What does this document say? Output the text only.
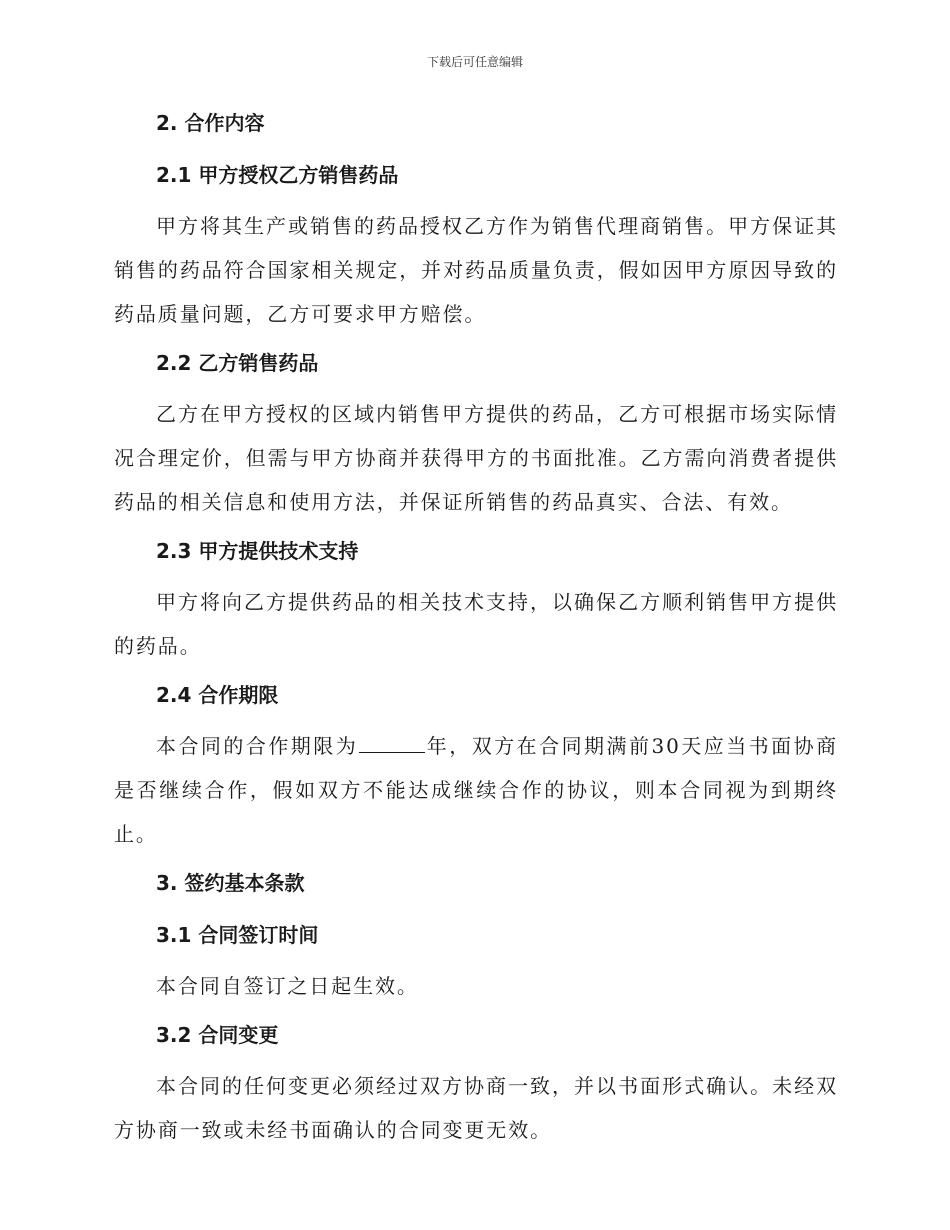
下载后可任意编辑
2. 合作内容
2.1 甲方授权乙方销售药品

甲方将其生产或销售的药品授权乙方作为销售代理商销售。甲方保证其销售的药品符合国家相关规定，并对药品质量负责，假如因甲方原因导致的药品质量问题，乙方可要求甲方赔偿。

2.2 乙方销售药品

乙方在甲方授权的区域内销售甲方提供的药品，乙方可根据市场实际情况合理定价，但需与甲方协商并获得甲方的书面批准。乙方需向消费者提供药品的相关信息和使用方法，并保证所销售的药品真实、合法、有效。

2.3 甲方提供技术支持

甲方将向乙方提供药品的相关技术支持，以确保乙方顺利销售甲方提供的药品。

2.4 合作期限

本合同的合作期限为	年，双方在合同期满前30天应当书面协商是否继续合作，假如双方不能达成继续合作的协议，则本合同视为到期终止。

3. 签约基本条款
3.1 合同签订时间

本合同自签订之日起生效。

3.2 合同变更

本合同的任何变更必须经过双方协商一致，并以书面形式确认。未经双方协商一致或未经书面确认的合同变更无效。
